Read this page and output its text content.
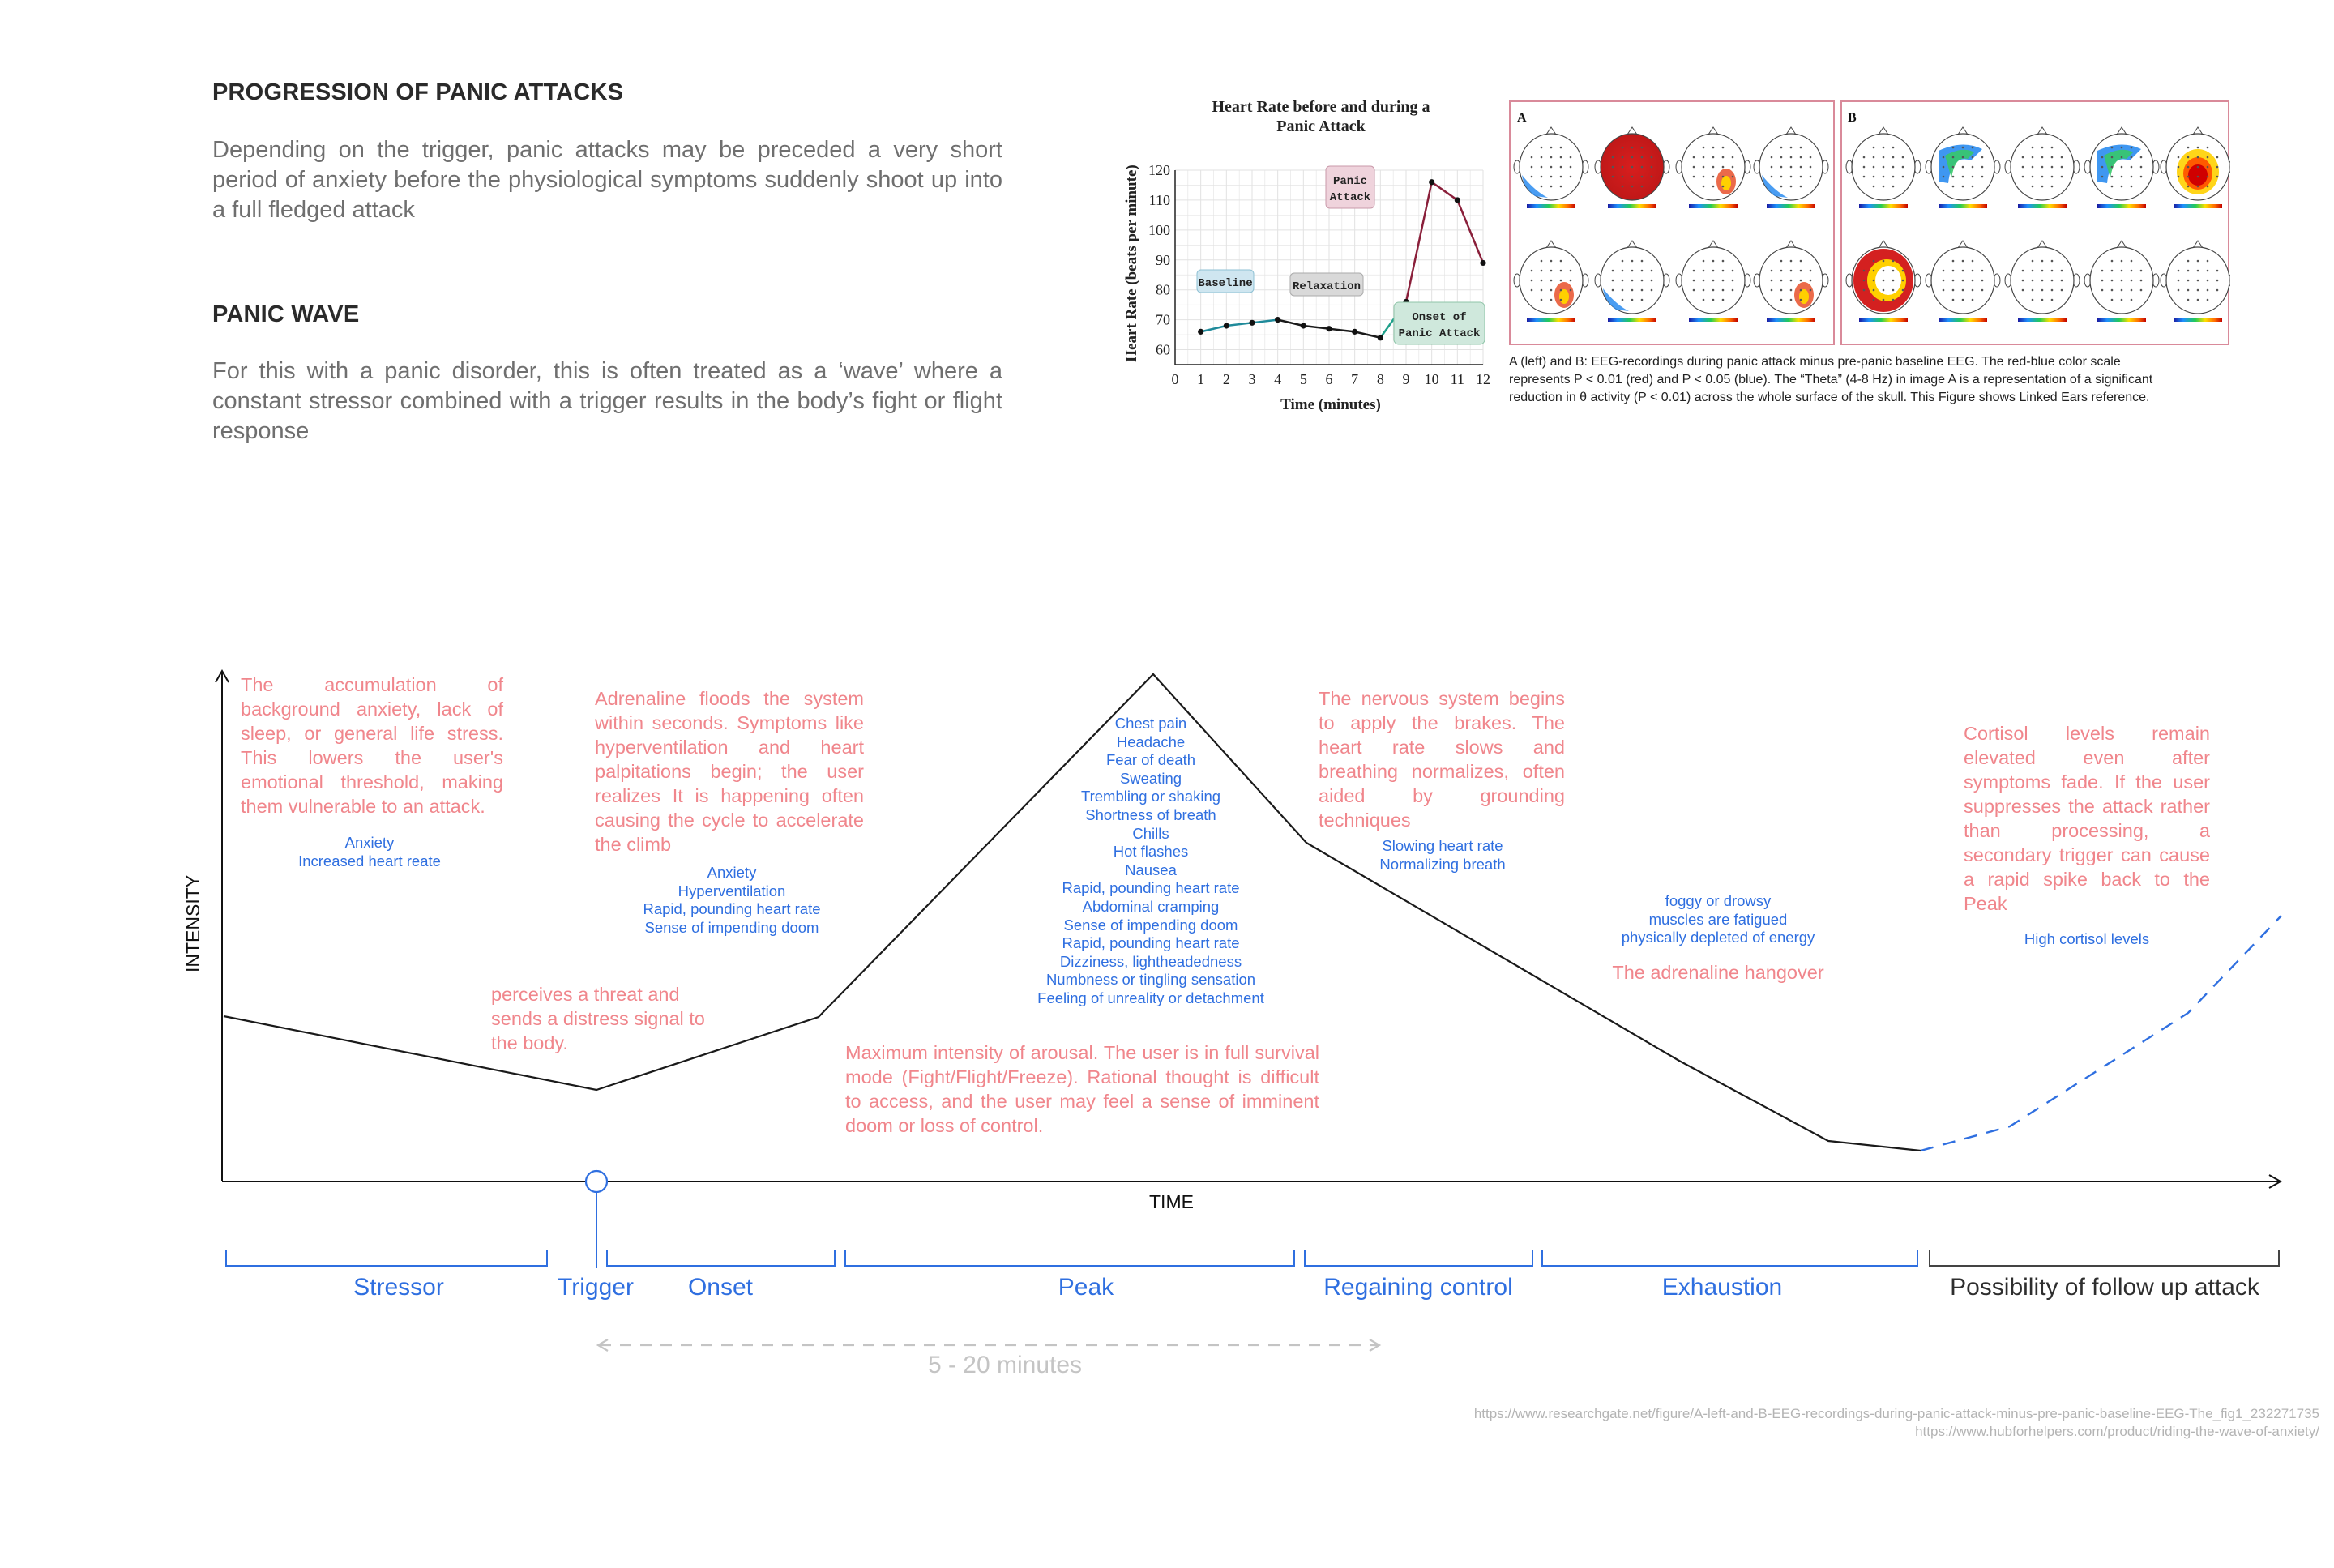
PROGRESSION OF PANIC ATTACKS
Depending on the trigger, panic attacks may be preceded a very short period of anxiety before the physiological symptoms suddenly shoot up into a full fledged attack
PANIC WAVE
For this with a panic disorder, this is often treated as a ‘wave’ where a constant stressor combined with a trigger results in the body’s fight or flight response
Heart Rate before and during a
Panic Attack
Heart Rate (beats per minute)
Time (minutes)
60
70
80
90
100
110
120
0 1 2 3 4 5 6 7 8 9 10 11 12
Baseline	Relaxation
Panic
Attack
Onset of
Panic Attack
A	B
A (left) and B: EEG-recordings during panic attack minus pre-panic baseline EEG. The red-blue color scale
represents P < 0.01 (red) and P < 0.05 (blue). The “Theta” (4-8 Hz) in image A is a representation of a significant
reduction in θ activity (P < 0.01) across the whole surface of the skull. This Figure shows Linked Ears reference.
INTENSITY
TIME
The accumulation of background anxiety, lack of sleep, or general life stress. This lowers the user's emotional threshold, making them vulnerable to an attack.
Anxiety
Increased heart reate
perceives a threat and sends a distress signal to the body.
Adrenaline floods the system within seconds. Symptoms like hyperventilation and heart palpitations begin; the user realizes It is happening often causing the cycle to accelerate the climb
Anxiety
Hyperventilation
Rapid, pounding heart rate
Sense of impending doom
Chest pain
Headache
Fear of death
Sweating
Trembling or shaking
Shortness of breath
Chills
Hot flashes
Nausea
Rapid, pounding heart rate
Abdominal cramping
Sense of impending doom
Rapid, pounding heart rate
Dizziness, lightheadedness
Numbness or tingling sensation
Feeling of unreality or detachment
Maximum intensity of arousal. The user is in full survival mode (Fight/Flight/Freeze). Rational thought is difficult to access, and the user may feel a sense of imminent doom or loss of control.
The nervous system begins to apply the brakes. The heart rate slows and breathing normalizes, often aided by grounding techniques
Slowing heart rate
Normalizing breath
foggy or drowsy
muscles are fatigued
physically depleted of energy
The adrenaline hangover
Cortisol levels remain elevated even after symptoms fade. If the user suppresses the attack rather than processing, a secondary trigger can cause a rapid spike back to the Peak
High cortisol levels
Stressor	Trigger	Onset	Peak	Regaining control	Exhaustion	Possibility of follow up attack
5 - 20 minutes
https://www.researchgate.net/figure/A-left-and-B-EEG-recordings-during-panic-attack-minus-pre-panic-baseline-EEG-The_fig1_232271735
https://www.hubforhelpers.com/product/riding-the-wave-of-anxiety/
